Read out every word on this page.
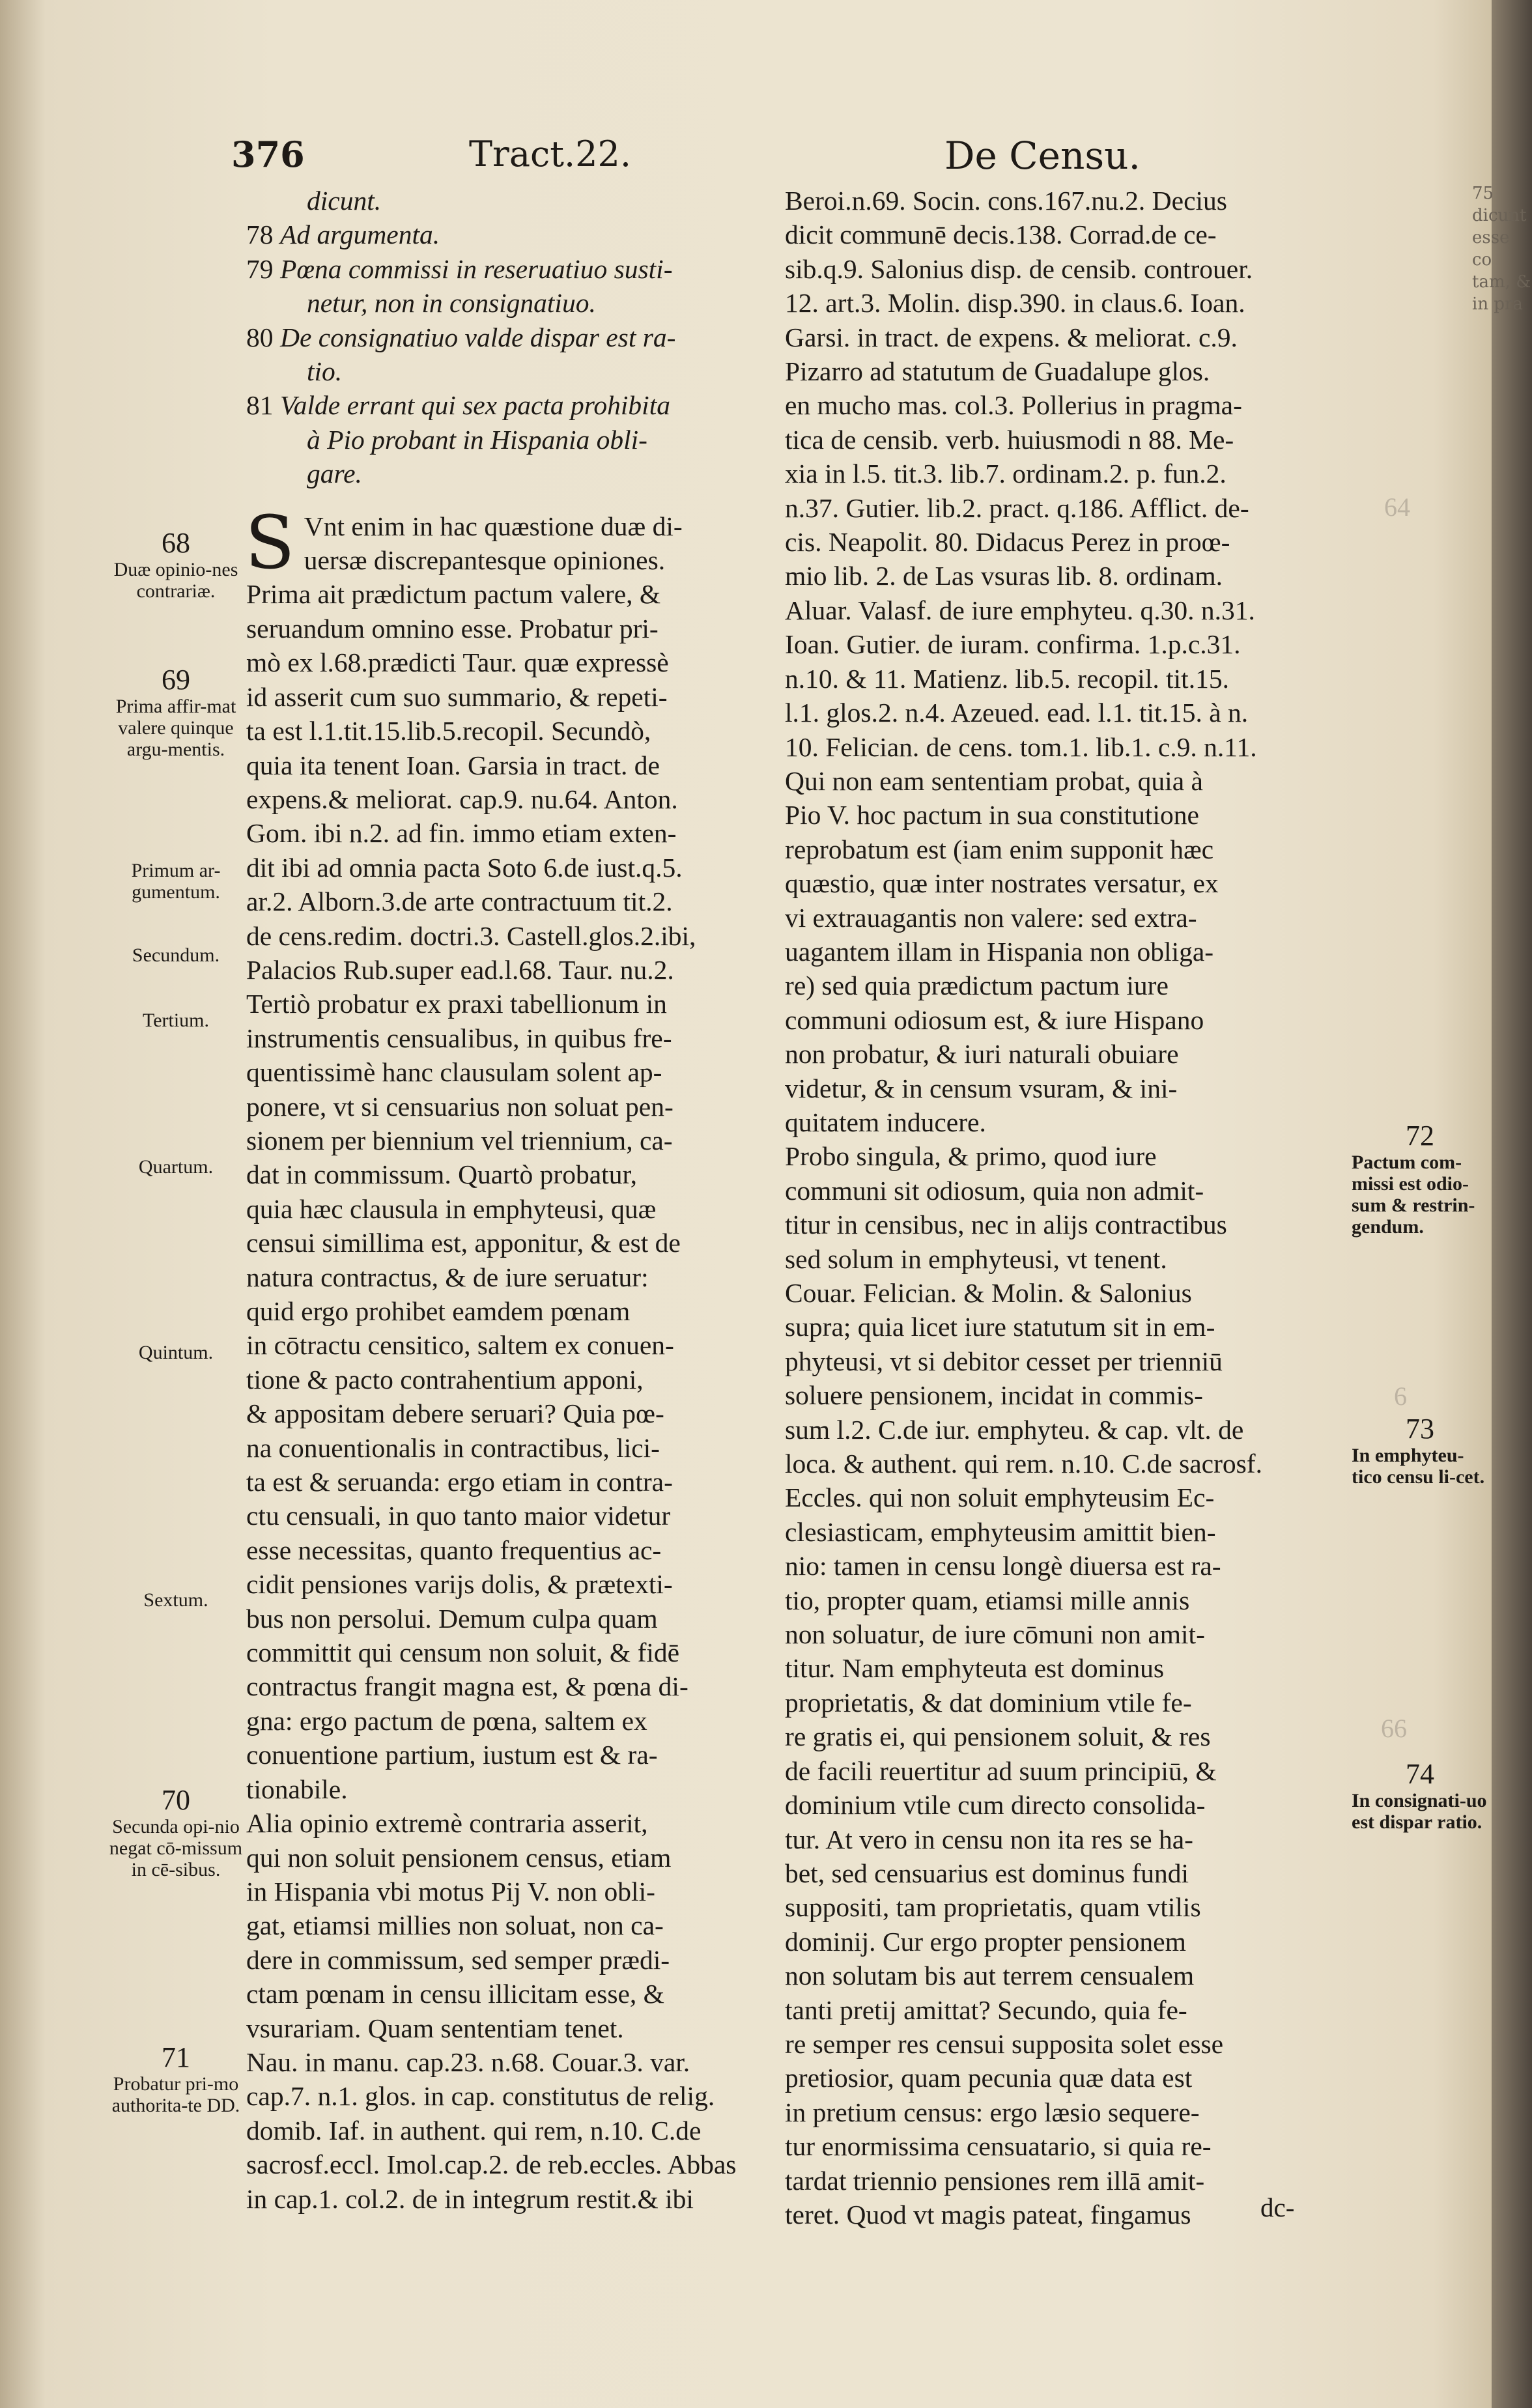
376	Tract.22.	De Censu.
dicunt.
78 Ad argumenta.
79 Pœna commissi in reseruatiuo susti-
netur, non in consignatiuo.
80 De consignatiuo valde dispar est ra-
tio.
81 Valde errant qui sex pacta prohibita
à Pio probant in Hispania obli-
gare.
S Vnt enim in hac quæstione duæ di-
uersæ discrepantesque opiniones.
Prima ait prædictum pactum valere, &
seruandum omnino esse. Probatur pri-
mò ex l.68.prædicti Taur. quæ expressè
id asserit cum suo summario, & repeti-
ta est l.1.tit.15.lib.5.recopil. Secundò,
quia ita tenent Ioan. Garsia in tract. de
expens.& meliorat. cap.9. nu.64. Anton.
Gom. ibi n.2. ad fin. immo etiam exten-
dit ibi ad omnia pacta Soto 6.de iust.q.5.
ar.2. Alborn.3.de arte contractuum tit.2.
de cens.redim. doctri.3. Castell.glos.2.ibi,
Palacios Rub.super ead.l.68. Taur. nu.2.
Tertiò probatur ex praxi tabellionum in
instrumentis censualibus, in quibus fre-
quentissimè hanc clausulam solent ap-
ponere, vt si censuarius non soluat pen-
sionem per biennium vel triennium, ca-
dat in commissum. Quartò probatur,
quia hæc clausula in emphyteusi, quæ
censui simillima est, apponitur, & est de
natura contractus, & de iure seruatur:
quid ergo prohibet eamdem pœnam
in cōtractu censitico, saltem ex conuen-
tione & pacto contrahentium apponi,
& appositam debere seruari? Quia pœ-
na conuentionalis in contractibus, lici-
ta est & seruanda: ergo etiam in contra-
ctu censuali, in quo tanto maior videtur
esse necessitas, quanto frequentius ac-
cidit pensiones varijs dolis, & prætexti-
bus non persolui. Demum culpa quam
committit qui censum non soluit, & fidē
contractus frangit magna est, & pœna di-
gna: ergo pactum de pœna, saltem ex
conuentione partium, iustum est & ra-
tionabile.
Alia opinio extremè contraria asserit,
qui non soluit pensionem census, etiam
in Hispania vbi motus Pij V. non obli-
gat, etiamsi millies non soluat, non ca-
dere in commissum, sed semper prædi-
ctam pœnam in censu illicitam esse, &
vsurariam. Quam sententiam tenet.
Nau. in manu. cap.23. n.68. Couar.3. var.
cap.7. n.1. glos. in cap. constitutus de relig.
domib. Iaf. in authent. qui rem, n.10. C.de
sacrosf.eccl. Imol.cap.2. de reb.eccles. Abbas
in cap.1. col.2. de in integrum restit.& ibi
Beroi.n.69. Socin. cons.167.nu.2. Decius
dicit communē decis.138. Corrad.de ce-
sib.q.9. Salonius disp. de censib. controuer.
12. art.3. Molin. disp.390. in claus.6. Ioan.
Garsi. in tract. de expens. & meliorat. c.9.
Pizarro ad statutum de Guadalupe glos.
en mucho mas. col.3. Pollerius in pragma-
tica de censib. verb. huiusmodi n 88. Me-
xia in l.5. tit.3. lib.7. ordinam.2. p. fun.2.
n.37. Gutier. lib.2. pract. q.186. Afflict. de-
cis. Neapolit. 80. Didacus Perez in proœ-
mio lib. 2. de Las vsuras lib. 8. ordinam.
Aluar. Valasf. de iure emphyteu. q.30. n.31.
Ioan. Gutier. de iuram. confirma. 1.p.c.31.
n.10. & 11. Matienz. lib.5. recopil. tit.15.
l.1. glos.2. n.4. Azeued. ead. l.1. tit.15. à n.
10. Felician. de cens. tom.1. lib.1. c.9. n.11.
Qui non eam sententiam probat, quia à
Pio V. hoc pactum in sua constitutione
reprobatum est (iam enim supponit hæc
quæstio, quæ inter nostrates versatur, ex
vi extrauagantis non valere: sed extra-
uagantem illam in Hispania non obliga-
re) sed quia prædictum pactum iure
communi odiosum est, & iure Hispano
non probatur, & iuri naturali obuiare
videtur, & in censum vsuram, & ini-
quitatem inducere.
Probo singula, & primo, quod iure
communi sit odiosum, quia non admit-
titur in censibus, nec in alijs contractibus
sed solum in emphyteusi, vt tenent.
Couar. Felician. & Molin. & Salonius
supra; quia licet iure statutum sit in em-
phyteusi, vt si debitor cesset per trienniū
soluere pensionem, incidat in commis-
sum l.2. C.de iur. emphyteu. & cap. vlt. de
loca. & authent. qui rem. n.10. C.de sacrosf.
Eccles. qui non soluit emphyteusim Ec-
clesiasticam, emphyteusim amittit bien-
nio: tamen in censu longè diuersa est ra-
tio, propter quam, etiamsi mille annis
non soluatur, de iure cōmuni non amit-
titur. Nam emphyteuta est dominus
proprietatis, & dat dominium vtile fe-
re gratis ei, qui pensionem soluit, & res
de facili reuertitur ad suum principiū, &
dominium vtile cum directo consolida-
tur. At vero in censu non ita res se ha-
bet, sed censuarius est dominus fundi
suppositi, tam proprietatis, quam vtilis
dominij. Cur ergo propter pensionem
non solutam bis aut terrem censualem
tanti pretij amittat? Secundo, quia fe-
re semper res censui supposita solet esse
pretiosior, quam pecunia quæ data est
in pretium census: ergo læsio sequere-
tur enormissima censuatario, si quia re-
tardat triennio pensiones rem illā amit-
teret. Quod vt magis pateat, fingamus	dc-
68
Duæ opinio-nes contrariæ.
69
Prima affir-mat valere quinque argu-mentis.
Primum ar-gumentum.
Secundum.
Tertium.
Quartum.
Quintum.
Sextum.
70
Secunda opi-nio negat cō-missum in cē-sibus.
71
Probatur pri-mo authorita-te DD.
72
Pactum com-missi est odio-sum & restrin-gendum.
73
In emphyteu-tico censu li-cet.
74
In consignati-uo est dispar ratio.
64
6
66
75
dicunt
esse co
tam, &
in pra
